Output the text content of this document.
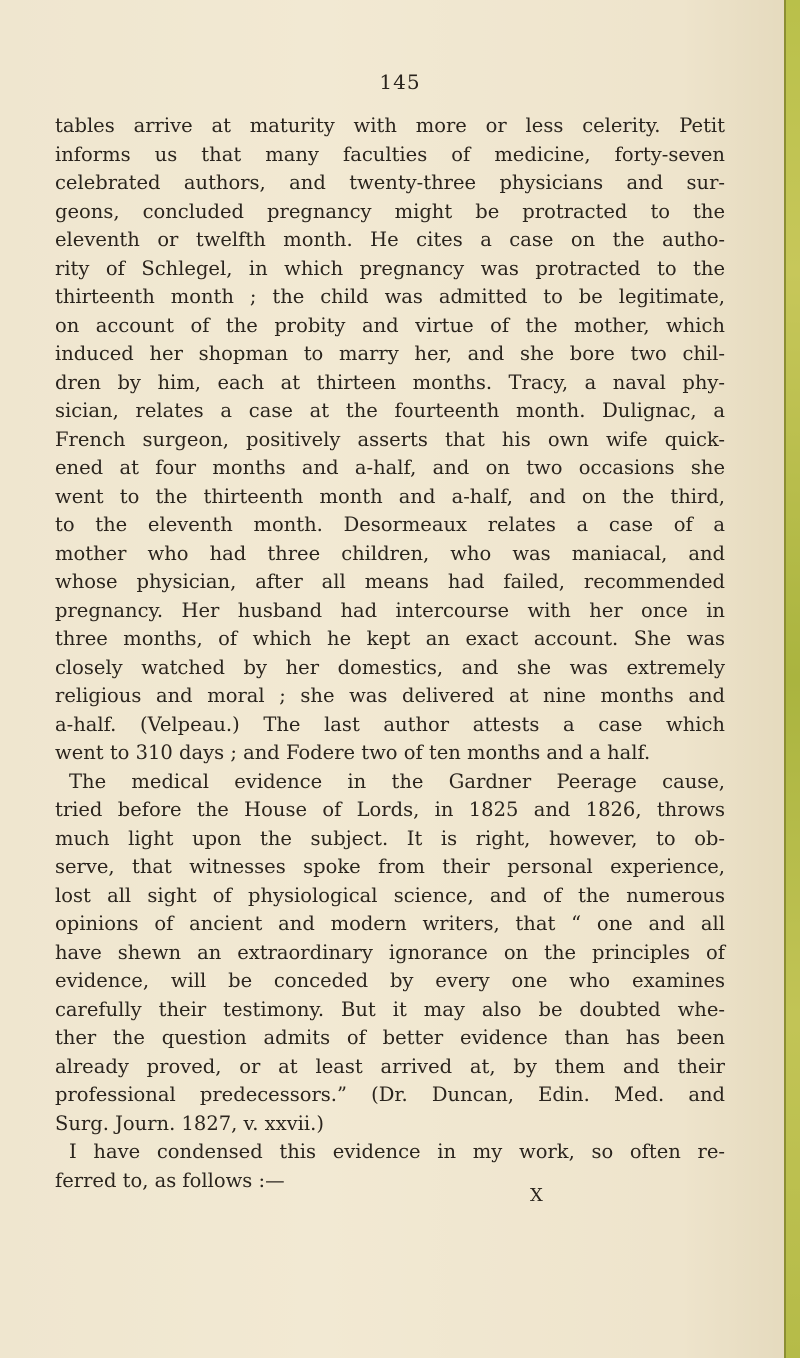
145
tables arrive at maturity with more or less celerity. Petit
informs us that many faculties of medicine, forty-seven
celebrated authors, and twenty-three physicians and sur-
geons, concluded pregnancy might be protracted to the
eleventh or twelfth month. He cites a case on the autho-
rity of Schlegel, in which pregnancy was protracted to the
thirteenth month ; the child was admitted to be legitimate,
on account of the probity and virtue of the mother, which
induced her shopman to marry her, and she bore two chil-
dren by him, each at thirteen months. Tracy, a naval phy-
sician, relates a case at the fourteenth month. Dulignac, a
French surgeon, positively asserts that his own wife quick-
ened at four months and a-half, and on two occasions she
went to the thirteenth month and a-half, and on the third,
to the eleventh month. Desormeaux relates a case of a
mother who had three children, who was maniacal, and
whose physician, after all means had failed, recommended
pregnancy. Her husband had intercourse with her once in
three months, of which he kept an exact account. She was
closely watched by her domestics, and she was extremely
religious and moral ; she was delivered at nine months and
a-half. (Velpeau.) The last author attests a case which
went to 310 days ; and Fodere two of ten months and a half.
The medical evidence in the Gardner Peerage cause,
tried before the House of Lords, in 1825 and 1826, throws
much light upon the subject. It is right, however, to ob-
serve, that witnesses spoke from their personal experience,
lost all sight of physiological science, and of the numerous
opinions of ancient and modern writers, that “ one and all
have shewn an extraordinary ignorance on the principles of
evidence, will be conceded by every one who examines
carefully their testimony. But it may also be doubted whe-
ther the question admits of better evidence than has been
already proved, or at least arrived at, by them and their
professional predecessors.” (Dr. Duncan, Edin. Med. and
Surg. Journ. 1827, v. xxvii.)
I have condensed this evidence in my work, so often re-
ferred to, as follows :—
X
